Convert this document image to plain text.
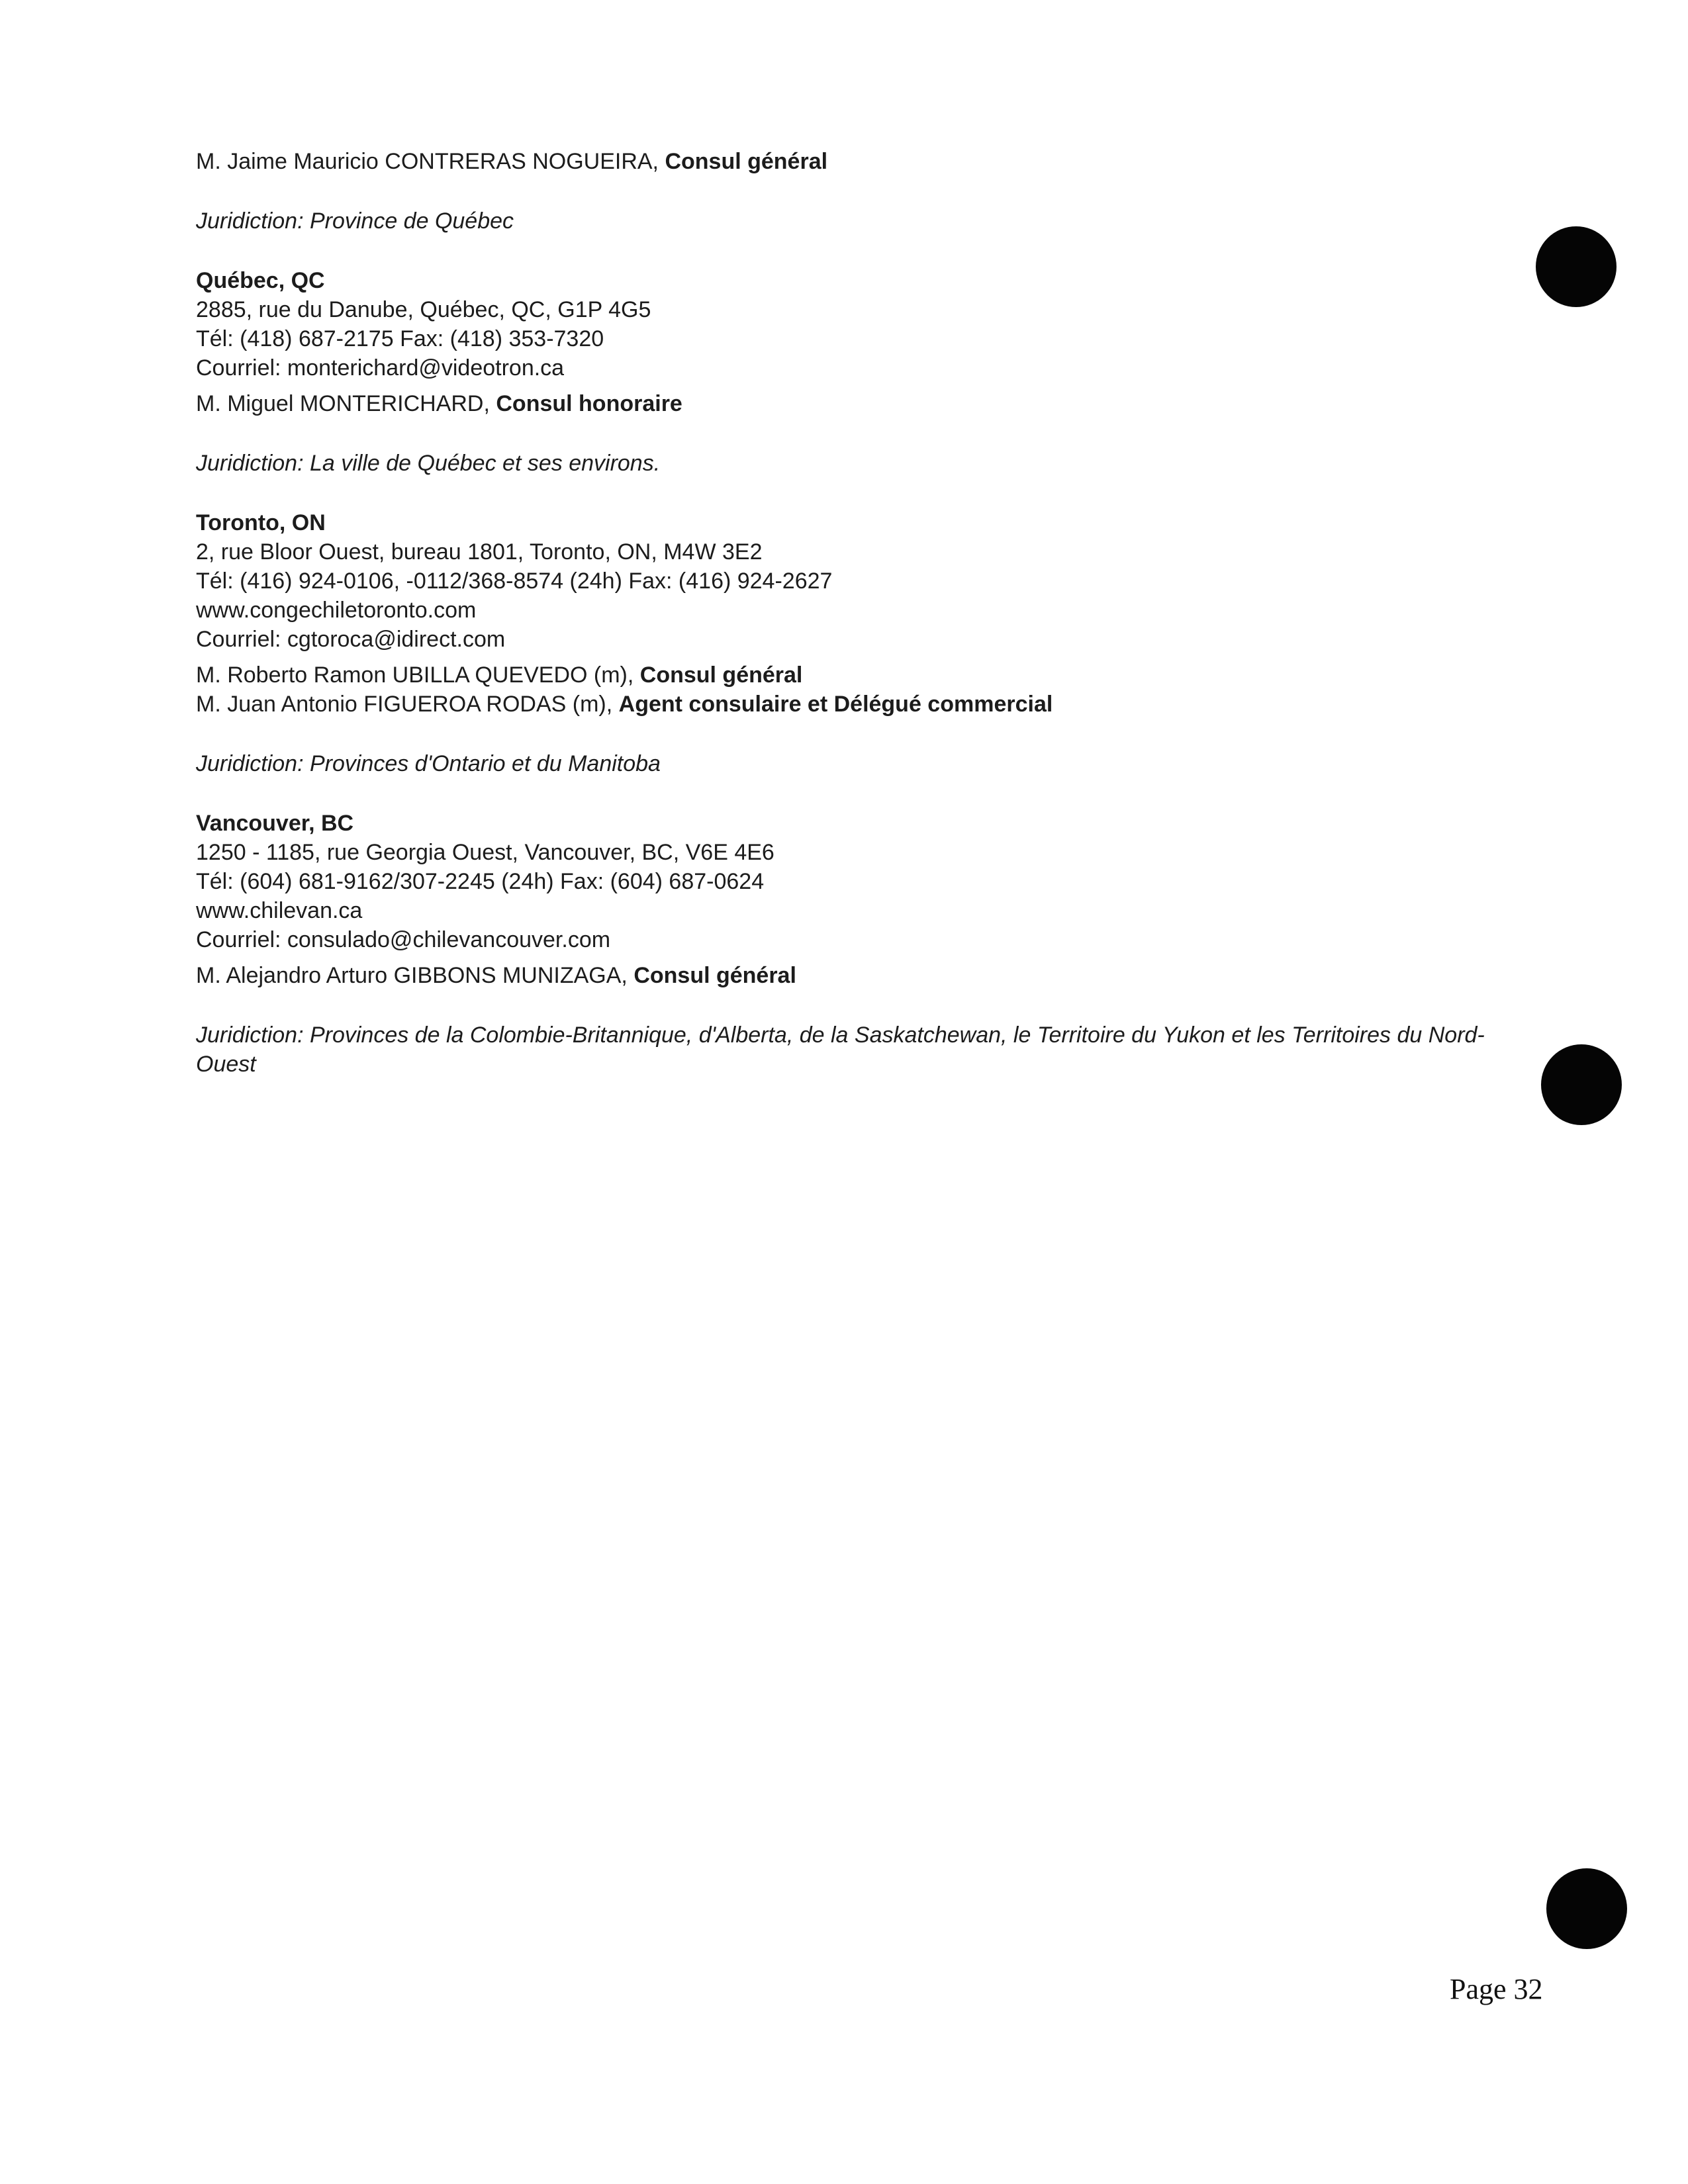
M. Jaime Mauricio CONTRERAS NOGUEIRA, Consul général
Juridiction: Province de Québec
Québec, QC
2885, rue du Danube, Québec, QC, G1P 4G5
Tél: (418) 687-2175 Fax: (418) 353-7320
Courriel: monterichard@videotron.ca
M. Miguel MONTERICHARD, Consul honoraire
Juridiction: La ville de Québec et ses environs.
Toronto, ON
2, rue Bloor Ouest, bureau 1801, Toronto, ON, M4W 3E2
Tél: (416) 924-0106, -0112/368-8574 (24h) Fax: (416) 924-2627
www.congechiletoronto.com
Courriel: cgtoroca@idirect.com
M. Roberto Ramon UBILLA QUEVEDO (m), Consul général
M. Juan Antonio FIGUEROA RODAS (m), Agent consulaire et Délégué commercial
Juridiction: Provinces d'Ontario et du Manitoba
Vancouver, BC
1250 - 1185, rue Georgia Ouest, Vancouver, BC, V6E 4E6
Tél: (604) 681-9162/307-2245 (24h) Fax: (604) 687-0624
www.chilevan.ca
Courriel: consulado@chilevancouver.com
M. Alejandro Arturo GIBBONS MUNIZAGA, Consul général
Juridiction: Provinces de la Colombie-Britannique, d'Alberta, de la Saskatchewan, le Territoire du Yukon et les Territoires du Nord-Ouest
Page 32
